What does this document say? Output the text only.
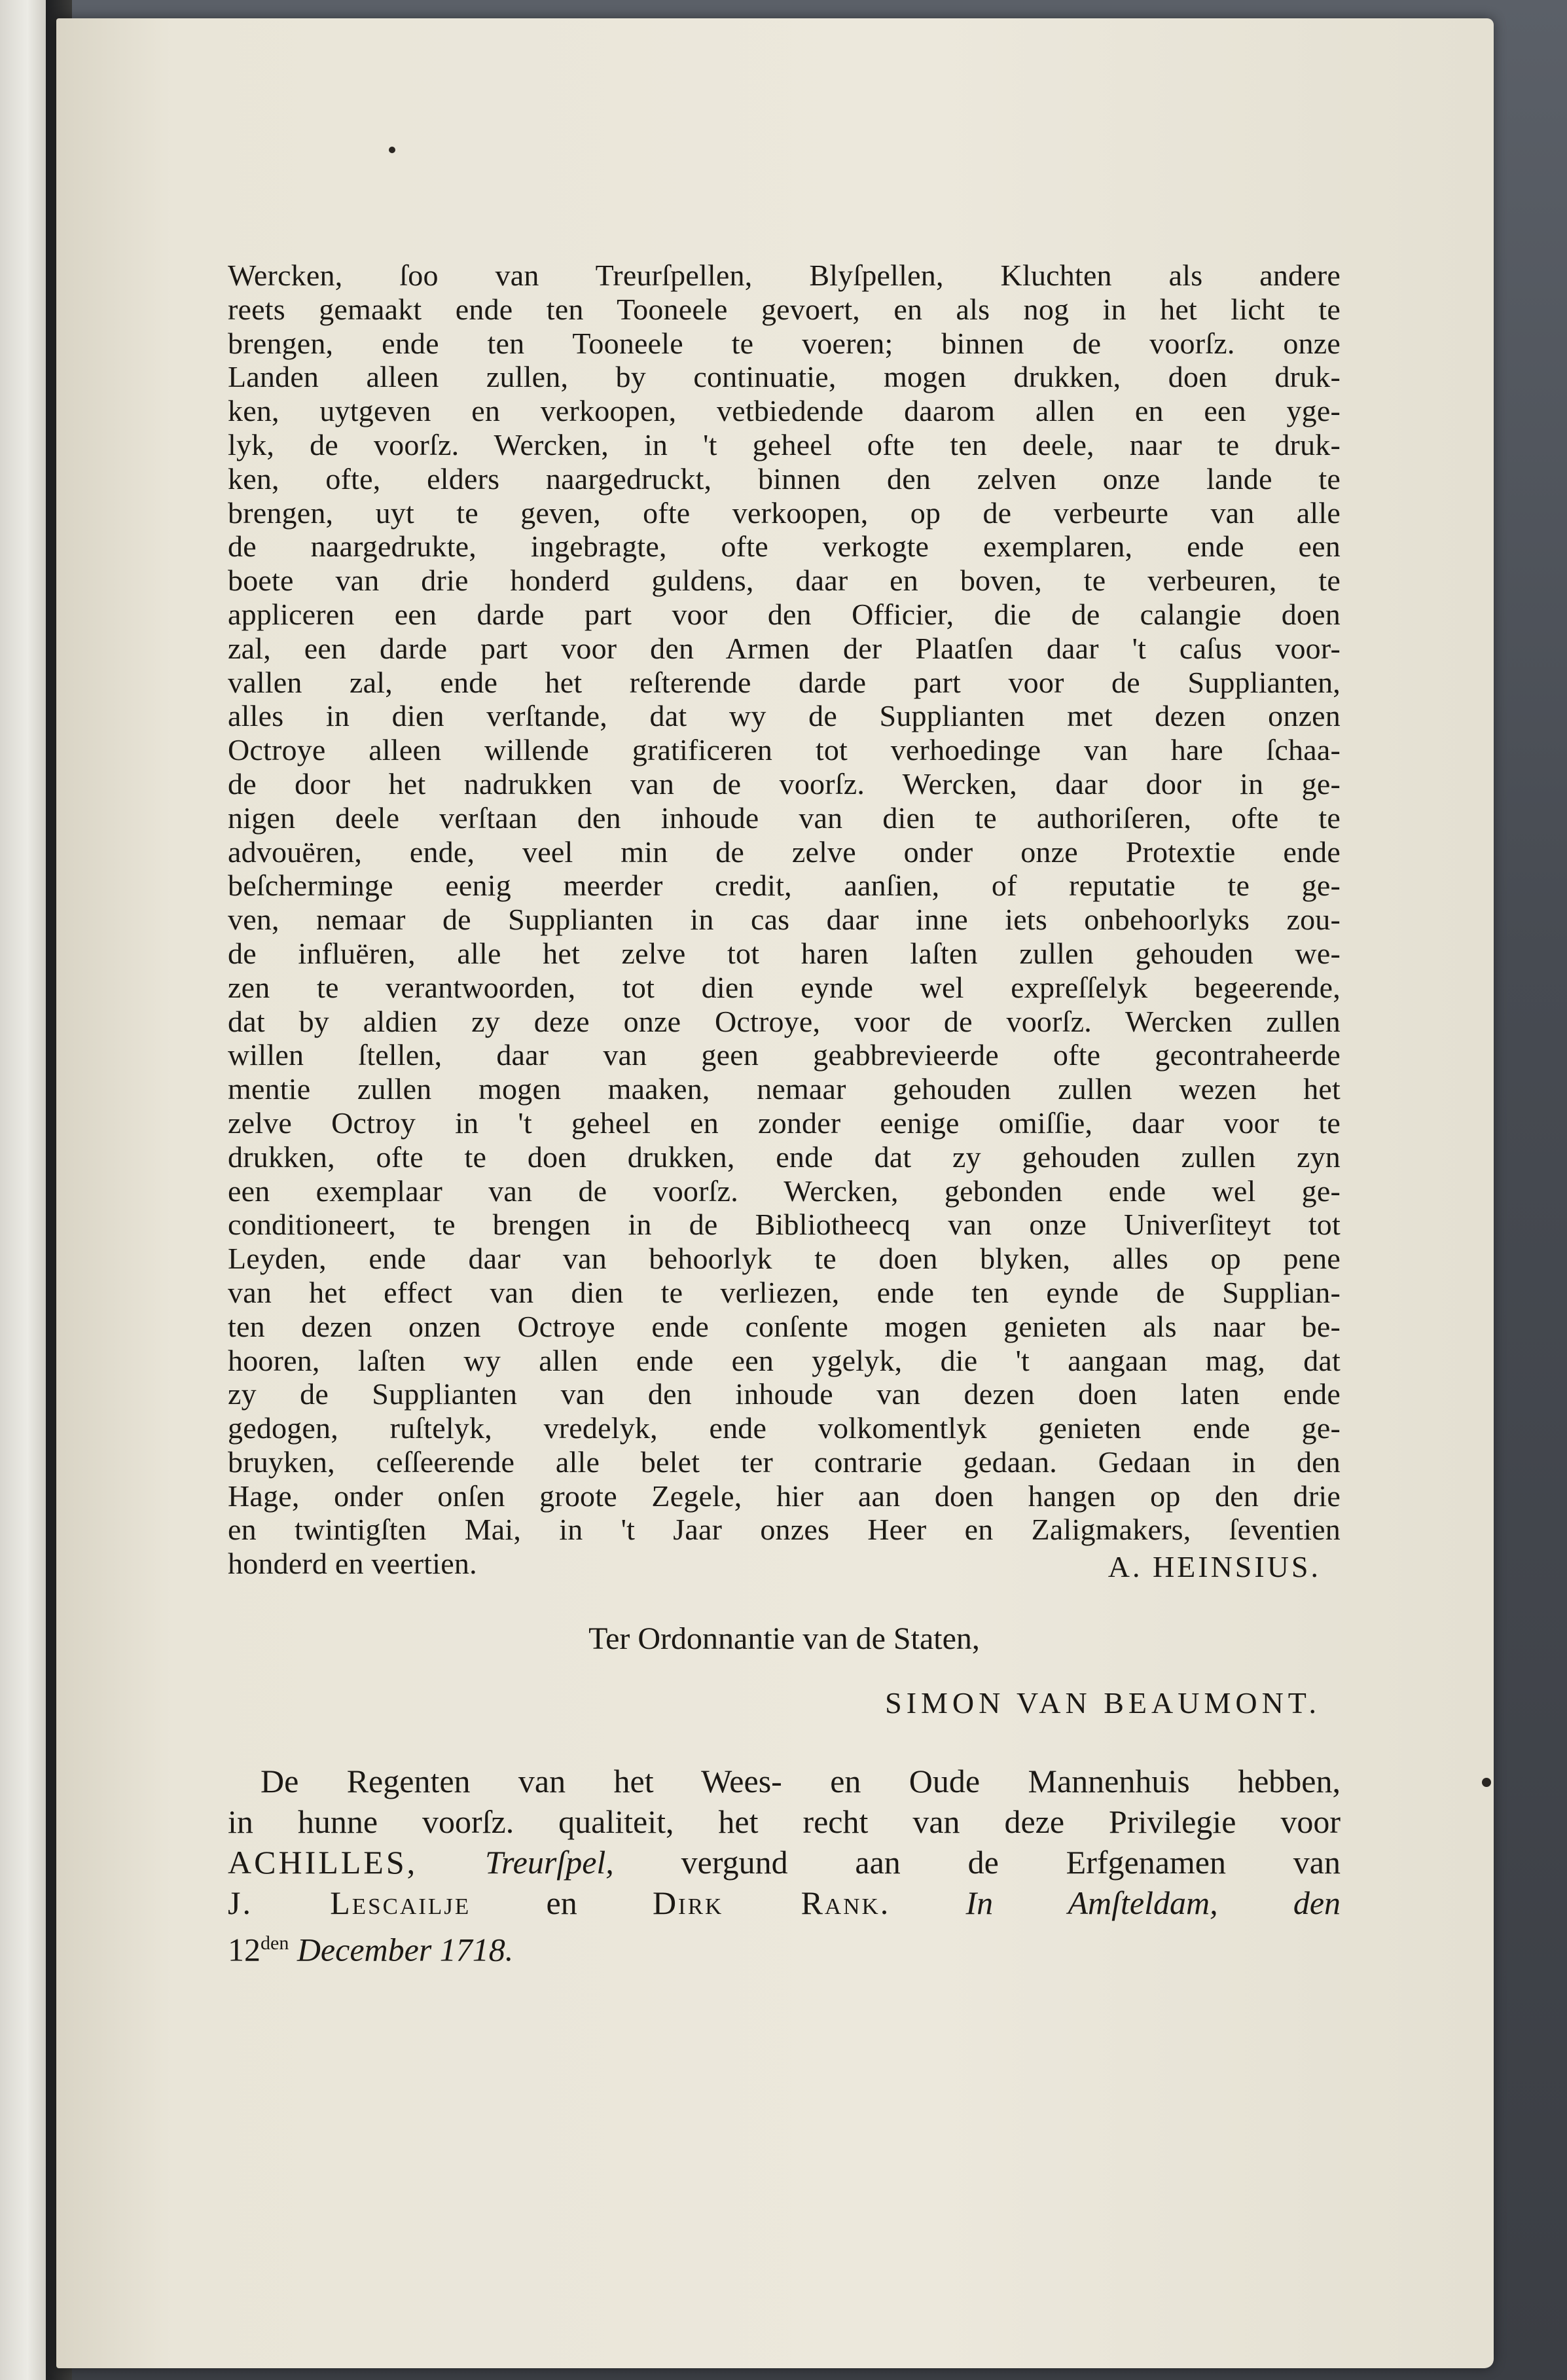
Wercken, ſoo van Treurſpellen, Blyſpellen, Kluchten als andere
reets gemaakt ende ten Tooneele gevoert, en als nog in het licht te
brengen, ende ten Tooneele te voeren; binnen de voorſz. onze
Landen alleen zullen, by continuatie, mogen drukken, doen druk-
ken, uytgeven en verkoopen, vetbiedende daarom allen en een yge-
lyk, de voorſz. Wercken, in 't geheel ofte ten deele, naar te druk-
ken, ofte, elders naargedruckt, binnen den zelven onze lande te
brengen, uyt te geven, ofte verkoopen, op de verbeurte van alle
de naargedrukte, ingebragte, ofte verkogte exemplaren, ende een
boete van drie honderd guldens, daar en boven, te verbeuren, te
appliceren een darde part voor den Officier, die de calangie doen
zal, een darde part voor den Armen der Plaatſen daar 't caſus voor-
vallen zal, ende het reſterende darde part voor de Supplianten,
alles in dien verſtande, dat wy de Supplianten met dezen onzen
Octroye alleen willende gratificeren tot verhoedinge van hare ſchaa-
de door het nadrukken van de voorſz. Wercken, daar door in ge-
nigen deele verſtaan den inhoude van dien te authoriſeren, ofte te
advouëren, ende, veel min de zelve onder onze Protextie ende
beſcherminge eenig meerder credit, aanſien, of reputatie te ge-
ven, nemaar de Supplianten in cas daar inne iets onbehoorlyks zou-
de influëren, alle het zelve tot haren laſten zullen gehouden we-
zen te verantwoorden, tot dien eynde wel expreſſelyk begeerende,
dat by aldien zy deze onze Octroye, voor de voorſz. Wercken zullen
willen ſtellen, daar van geen geabbrevieerde ofte gecontraheerde
mentie zullen mogen maaken, nemaar gehouden zullen wezen het
zelve Octroy in 't geheel en zonder eenige omiſſie, daar voor te
drukken, ofte te doen drukken, ende dat zy gehouden zullen zyn
een exemplaar van de voorſz. Wercken, gebonden ende wel ge-
conditioneert, te brengen in de Bibliotheecq van onze Univerſiteyt tot
Leyden, ende daar van behoorlyk te doen blyken, alles op pene
van het effect van dien te verliezen, ende ten eynde de Supplian-
ten dezen onzen Octroye ende conſente mogen genieten als naar be-
hooren, laſten wy allen ende een ygelyk, die 't aangaan mag, dat
zy de Supplianten van den inhoude van dezen doen laten ende
gedogen, ruſtelyk, vredelyk, ende volkomentlyk genieten ende ge-
bruyken, ceſſeerende alle belet ter contrarie gedaan. Gedaan in den
Hage, onder onſen groote Zegele, hier aan doen hangen op den drie
en twintigſten Mai, in 't Jaar onzes Heer en Zaligmakers, ſeventien
honderd en veertien.	A. HEINSIUS.
Ter Ordonnantie van de Staten,
SIMON VAN BEAUMONT.
De Regenten van het Wees- en Oude Mannenhuis hebben,
in hunne voorſz. qualiteit, het recht van deze Privilegie voor
ACHILLES, Treurſpel, vergund aan de Erfgenamen van
J. Lescailje en Dirk Rank. In Amſteldam, den
$12^{den}$ December 1718.
